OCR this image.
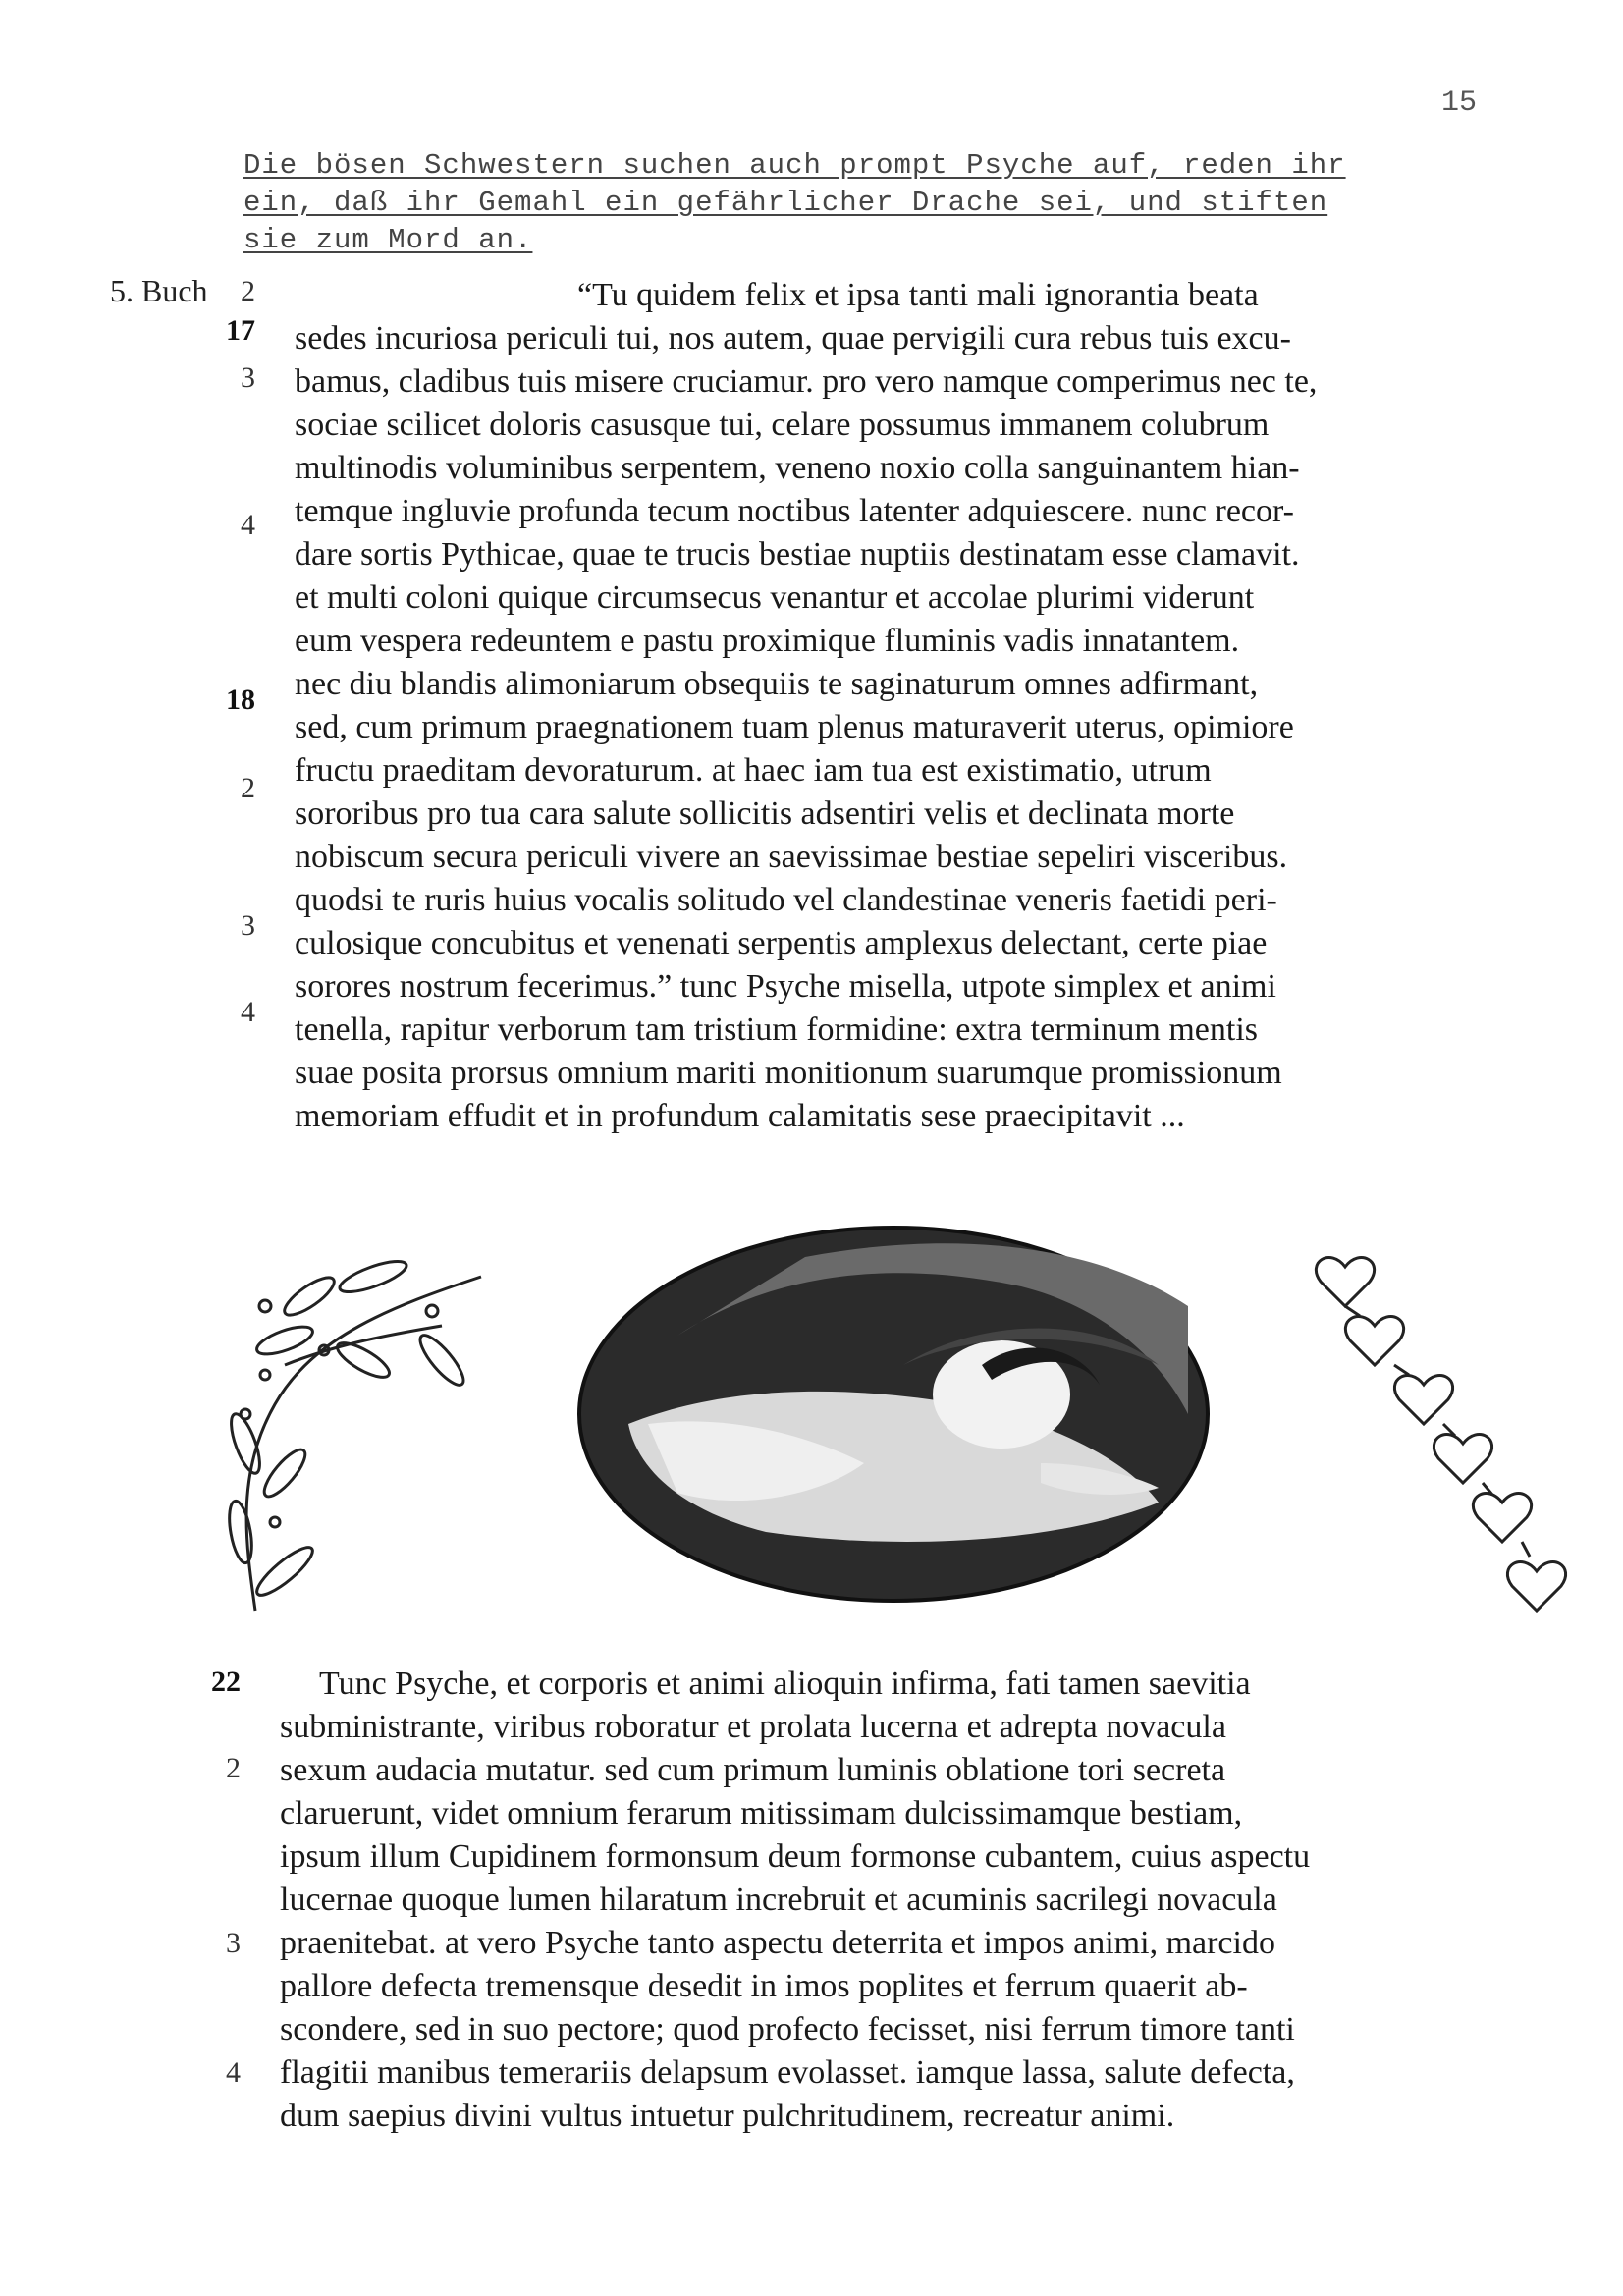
15
Die bösen Schwestern suchen auch prompt Psyche auf, reden ihr
ein, daß ihr Gemahl ein gefährlicher Drache sei, und stiften
sie zum Mord an.
5. Buch	2
17
3
4
18
2
3
4
“Tu quidem felix et ipsa tanti mali ignorantia beata
sedes incuriosa periculi tui, nos autem, quae pervigili cura rebus tuis excu-
bamus, cladibus tuis misere cruciamur. pro vero namque comperimus nec te,
sociae scilicet doloris casusque tui, celare possumus immanem colubrum
multinodis voluminibus serpentem, veneno noxio colla sanguinantem hian-
temque ingluvie profunda tecum noctibus latenter adquiescere. nunc recor-
dare sortis Pythicae, quae te trucis bestiae nuptiis destinatam esse clamavit.
et multi coloni quique circumsecus venantur et accolae plurimi viderunt
eum vespera redeuntem e pastu proximique fluminis vadis innatantem.
nec diu blandis alimoniarum obsequiis te saginaturum omnes adfirmant,
sed, cum primum praegnationem tuam plenus maturaverit uterus, opimiore
fructu praeditam devoraturum. at haec iam tua est existimatio, utrum
sororibus pro tua cara salute sollicitis adsentiri velis et declinata morte
nobiscum secura periculi vivere an saevissimae bestiae sepeliri visceribus.
quodsi te ruris huius vocalis solitudo vel clandestinae veneris faetidi peri-
culosique concubitus et venenati serpentis amplexus delectant, certe piae
sorores nostrum fecerimus.” tunc Psyche misella, utpote simplex et animi
tenella, rapitur verborum tam tristium formidine: extra terminum mentis
suae posita prorsus omnium mariti monitionum suarumque promissionum
memoriam effudit et in profundum calamitatis sese praecipitavit ...
22
2
3
4
Tunc Psyche, et corporis et animi alioquin infirma, fati tamen saevitia
subministrante, viribus roboratur et prolata lucerna et adrepta novacula
sexum audacia mutatur. sed cum primum luminis oblatione tori secreta
claruerunt, videt omnium ferarum mitissimam dulcissimamque bestiam,
ipsum illum Cupidinem formonsum deum formonse cubantem, cuius aspectu
lucernae quoque lumen hilaratum increbruit et acuminis sacrilegi novacula
praenitebat. at vero Psyche tanto aspectu deterrita et impos animi, marcido
pallore defecta tremensque desedit in imos poplites et ferrum quaerit ab-
scondere, sed in suo pectore; quod profecto fecisset, nisi ferrum timore tanti
flagitii manibus temerariis delapsum evolasset. iamque lassa, salute defecta,
dum saepius divini vultus intuetur pulchritudinem, recreatur animi.
